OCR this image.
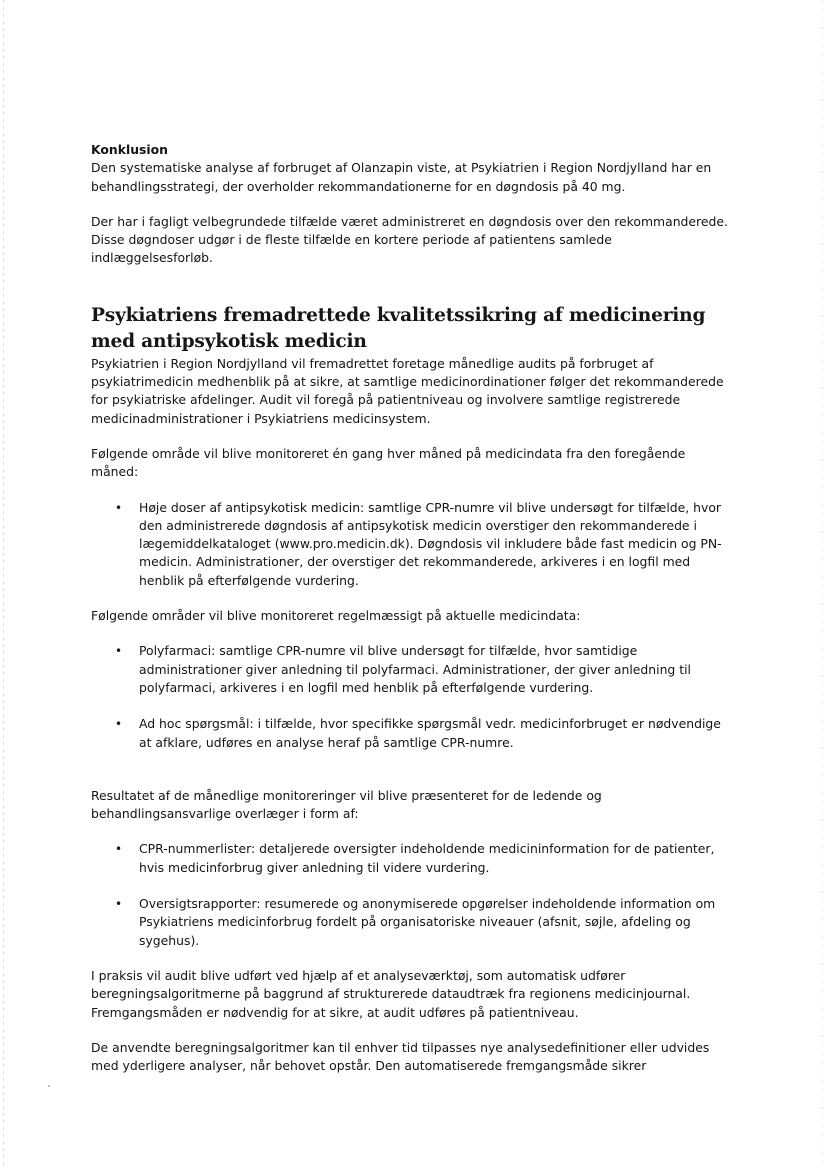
Konklusion

Den systematiske analyse af forbruget af Olanzapin viste, at Psykiatrien i Region Nordjylland har en behandlingsstrategi, der overholder rekommandationerne for en døgndosis på 40 mg.

Der har i fagligt velbegrundede tilfælde været administreret en døgndosis over den rekommanderede. Disse døgndoser udgør i de fleste tilfælde en kortere periode af patientens samlede indlæggelsesforløb.

Psykiatriens fremadrettede kvalitetssikring af medicinering med antipsykotisk medicin

Psykiatrien i Region Nordjylland vil fremadrettet foretage månedlige audits på forbruget af psykiatrimedicin medhenblik på at sikre, at samtlige medicinordinationer følger det rekommanderede for psykiatriske afdelinger. Audit vil foregå på patientniveau og involvere samtlige registrerede medicinadministrationer i Psykiatriens medicinsystem.

Følgende område vil blive monitoreret én gang hver måned på medicindata fra den foregående måned:

• Høje doser af antipsykotisk medicin: samtlige CPR-numre vil blive undersøgt for tilfælde, hvor den administrerede døgndosis af antipsykotisk medicin overstiger den rekommanderede i lægemiddelkataloget (www.pro.medicin.dk). Døgndosis vil inkludere både fast medicin og PN-medicin. Administrationer, der overstiger det rekommanderede, arkiveres i en logfil med henblik på efterfølgende vurdering.

Følgende områder vil blive monitoreret regelmæssigt på aktuelle medicindata:

• Polyfarmaci: samtlige CPR-numre vil blive undersøgt for tilfælde, hvor samtidige administrationer giver anledning til polyfarmaci. Administrationer, der giver anledning til polyfarmaci, arkiveres i en logfil med henblik på efterfølgende vurdering.
• Ad hoc spørgsmål: i tilfælde, hvor specifikke spørgsmål vedr. medicinforbruget er nødvendige at afklare, udføres en analyse heraf på samtlige CPR-numre.

Resultatet af de månedlige monitoreringer vil blive præsenteret for de ledende og behandlingsansvarlige overlæger i form af:

• CPR-nummerlister: detaljerede oversigter indeholdende medicininformation for de patienter, hvis medicinforbrug giver anledning til videre vurdering.
• Oversigtsrapporter: resumerede og anonymiserede opgørelser indeholdende information om Psykiatriens medicinforbrug fordelt på organisatoriske niveauer (afsnit, søjle, afdeling og sygehus).

I praksis vil audit blive udført ved hjælp af et analyseværktøj, som automatisk udfører beregningsalgoritmerne på baggrund af strukturerede dataudtræk fra regionens medicinjournal. Fremgangsmåden er nødvendig for at sikre, at audit udføres på patientniveau.

De anvendte beregningsalgoritmer kan til enhver tid tilpasses nye analysedefinitioner eller udvides med yderligere analyser, når behovet opstår. Den automatiserede fremgangsmåde sikrer
